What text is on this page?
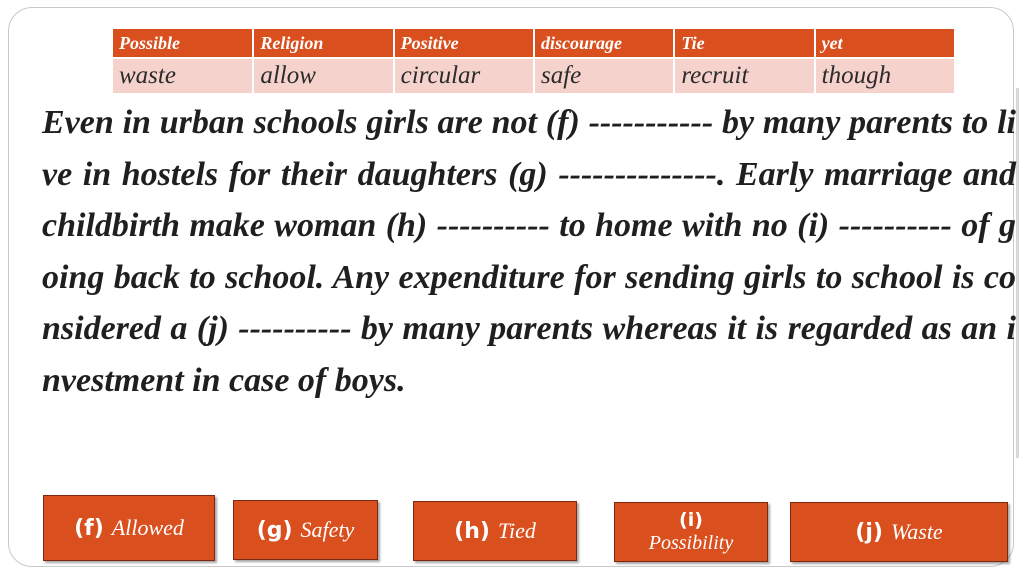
Possible	Religion	Positive	discourage	Tie	yet
waste	allow	circular	safe	recruit	though

Even in urban schools girls are not (f) ----------- by many parents to live in hostels for their daughters (g) --------------. Early marriage and childbirth make woman (h) ---------- to home with no (i) ---------- of going back to school. Any expenditure for sending girls to school is considered a (j) ---------- by many parents whereas it is regarded as an investment in case of boys.

(f) Allowed	(g) Safety	(h) Tied	(i)
Possibility	(j) Waste
